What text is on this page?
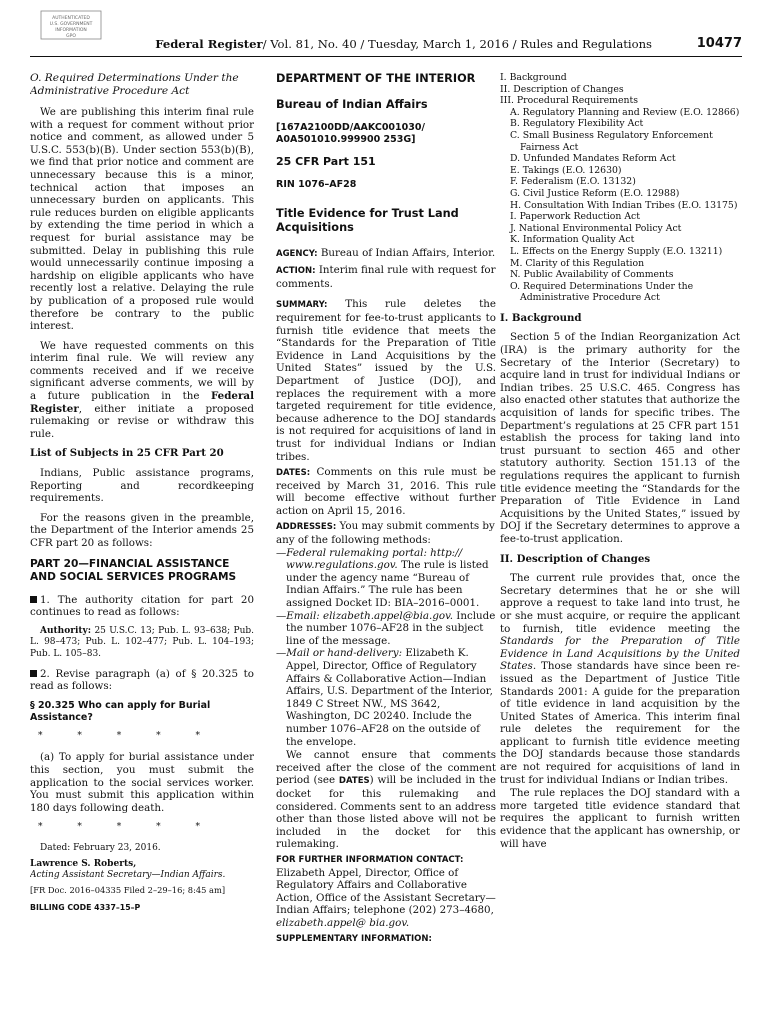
AUTHENTICATED
U.S. GOVERNMENT
INFORMATION
GPO
Federal Register/ Vol. 81, No. 40 / Tuesday, March 1, 2016 / Rules and Regulations	10477

O. Required Determinations Under the Administrative Procedure Act

We are publishing this interim final rule with a request for comment without prior notice and comment, as allowed under 5 U.S.C. 553(b)(B). Under section 553(b)(B), we find that prior notice and comment are unnecessary because this is a minor, technical action that imposes an unnecessary burden on applicants. This rule reduces burden on eligible applicants by extending the time period in which a request for burial assistance may be submitted. Delay in publishing this rule would unnecessarily continue imposing a hardship on eligible applicants who have recently lost a relative. Delaying the rule by publication of a proposed rule would therefore be contrary to the public interest.

We have requested comments on this interim final rule. We will review any comments received and if we receive significant adverse comments, we will by a future publication in the Federal Register, either initiate a proposed rulemaking or revise or withdraw this rule.

List of Subjects in 25 CFR Part 20

Indians, Public assistance programs, Reporting and recordkeeping requirements.

For the reasons given in the preamble, the Department of the Interior amends 25 CFR part 20 as follows:

PART 20—FINANCIAL ASSISTANCE AND SOCIAL SERVICES PROGRAMS

1. The authority citation for part 20 continues to read as follows:

Authority: 25 U.S.C. 13; Pub. L. 93–638; Pub. L. 98–473; Pub. L. 102–477; Pub. L. 104–193; Pub. L. 105–83.

2. Revise paragraph (a) of § 20.325 to read as follows:

§ 20.325 Who can apply for Burial Assistance?

* * * * *

(a) To apply for burial assistance under this section, you must submit the application to the social services worker. You must submit this application within 180 days following death.

* * * * *

Dated: February 23, 2016.

Lawrence S. Roberts,

Acting Assistant Secretary—Indian Affairs.

[FR Doc. 2016–04335 Filed 2–29–16; 8:45 am]

BILLING CODE 4337–15–P

DEPARTMENT OF THE INTERIOR

Bureau of Indian Affairs

[167A2100DD/AAKC001030/ A0A501010.999900 253G]

25 CFR Part 151

RIN 1076–AF28

Title Evidence for Trust Land Acquisitions

AGENCY: Bureau of Indian Affairs, Interior.

ACTION: Interim final rule with request for comments.

SUMMARY: This rule deletes the requirement for fee-to-trust applicants to furnish title evidence that meets the “Standards for the Preparation of Title Evidence in Land Acquisitions by the United States” issued by the U.S. Department of Justice (DOJ), and replaces the requirement with a more targeted requirement for title evidence, because adherence to the DOJ standards is not required for acquisitions of land in trust for individual Indians or Indian tribes.

DATES: Comments on this rule must be received by March 31, 2016. This rule will become effective without further action on April 15, 2016.

ADDRESSES: You may submit comments by any of the following methods:

—Federal rulemaking portal: http:// www.regulations.gov. The rule is listed under the agency name “Bureau of Indian Affairs.” The rule has been assigned Docket ID: BIA–2016–0001.

—Email: elizabeth.appel@bia.gov. Include the number 1076–AF28 in the subject line of the message.

—Mail or hand-delivery: Elizabeth K. Appel, Director, Office of Regulatory Affairs & Collaborative Action—Indian Affairs, U.S. Department of the Interior, 1849 C Street NW., MS 3642, Washington, DC 20240. Include the number 1076–AF28 on the outside of the envelope.

We cannot ensure that comments received after the close of the comment period (see DATES) will be included in the docket for this rulemaking and considered. Comments sent to an address other than those listed above will not be included in the docket for this rulemaking.

FOR FURTHER INFORMATION CONTACT: Elizabeth Appel, Director, Office of Regulatory Affairs and Collaborative Action, Office of the Assistant Secretary—Indian Affairs; telephone (202) 273–4680, elizabeth.appel@ bia.gov.

SUPPLEMENTARY INFORMATION:

I. Background
II. Description of Changes
III. Procedural Requirements
A. Regulatory Planning and Review (E.O. 12866)
B. Regulatory Flexibility Act
C. Small Business Regulatory Enforcement Fairness Act
D. Unfunded Mandates Reform Act
E. Takings (E.O. 12630)
F. Federalism (E.O. 13132)
G. Civil Justice Reform (E.O. 12988)
H. Consultation With Indian Tribes (E.O. 13175)
I. Paperwork Reduction Act
J. National Environmental Policy Act
K. Information Quality Act
L. Effects on the Energy Supply (E.O. 13211)
M. Clarity of this Regulation
N. Public Availability of Comments
O. Required Determinations Under the Administrative Procedure Act

I. Background

Section 5 of the Indian Reorganization Act (IRA) is the primary authority for the Secretary of the Interior (Secretary) to acquire land in trust for individual Indians or Indian tribes. 25 U.S.C. 465. Congress has also enacted other statutes that authorize the acquisition of lands for specific tribes. The Department’s regulations at 25 CFR part 151 establish the process for taking land into trust pursuant to section 465 and other statutory authority. Section 151.13 of the regulations requires the applicant to furnish title evidence meeting the “Standards for the Preparation of Title Evidence in Land Acquisitions by the United States,” issued by DOJ if the Secretary determines to approve a fee-to-trust application.

II. Description of Changes

The current rule provides that, once the Secretary determines that he or she will approve a request to take land into trust, he or she must acquire, or require the applicant to furnish, title evidence meeting the Standards for the Preparation of Title Evidence in Land Acquisitions by the United States. Those standards have since been re-issued as the Department of Justice Title Standards 2001: A guide for the preparation of title evidence in land acquisition by the United States of America. This interim final rule deletes the requirement for the applicant to furnish title evidence meeting the DOJ standards because those standards are not required for acquisitions of land in trust for individual Indians or Indian tribes.

The rule replaces the DOJ standard with a more targeted title evidence standard that requires the applicant to furnish written evidence that the applicant has ownership, or will have
